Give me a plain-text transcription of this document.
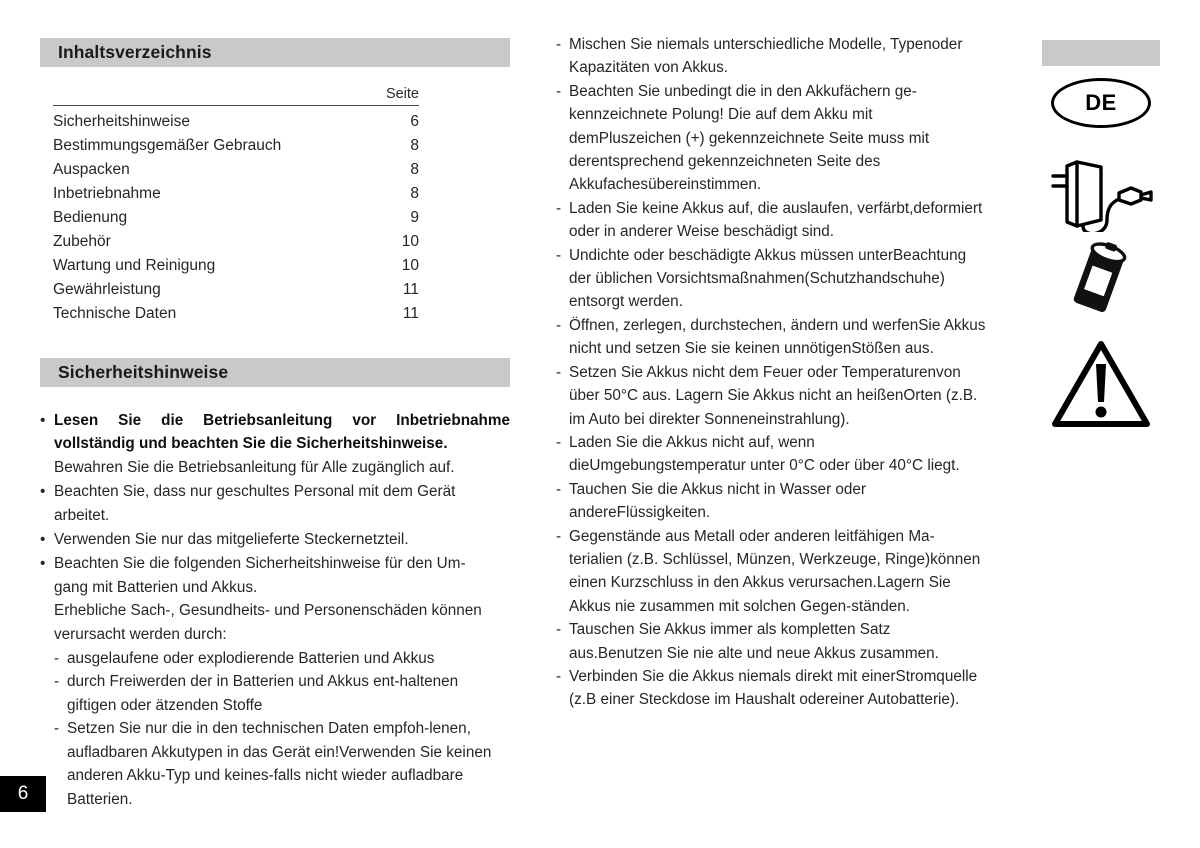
Inhaltsverzeichnis
Seite
Sicherheitshinweise	6
Bestimmungsgemäßer Gebrauch	8
Auspacken	8
Inbetriebnahme	8
Bedienung	9
Zubehör	10
Wartung und Reinigung	10
Gewährleistung	11
Technische Daten	11
Sicherheitshinweise
• Lesen Sie die Betriebsanleitung vor Inbetriebnahme
vollständig und beachten Sie die Sicherheitshinweise.
Bewahren Sie die Betriebsanleitung für Alle zugänglich auf.
• Beachten Sie, dass nur geschultes Personal mit dem Gerät
arbeitet.
• Verwenden Sie nur das mitgelieferte Steckernetzteil.
• Beachten Sie die folgenden Sicherheitshinweise für den Um-
gang mit Batterien und Akkus.
Erhebliche Sach-, Gesundheits- und Personenschäden können
verursacht werden durch:
- ausgelaufene oder explodierende Batterien und Akkus
- durch Freiwerden der in Batterien und Akkus ent-haltenen giftigen oder ätzenden Stoffe
- Setzen Sie nur die in den technischen Daten empfoh-lenen, aufladbaren Akkutypen in das Gerät ein!Verwenden Sie keinen anderen Akku-Typ und keines-falls nicht wieder aufladbare Batterien.
- Mischen Sie niemals unterschiedliche Modelle, Typenoder Kapazitäten von Akkus.
- Beachten Sie unbedingt die in den Akkufächern ge-kennzeichnete Polung! Die auf dem Akku mit demPluszeichen (+) gekennzeichnete Seite muss mit derentsprechend gekennzeichneten Seite des Akkufachesübereinstimmen.
- Laden Sie keine Akkus auf, die auslaufen, verfärbt,deformiert oder in anderer Weise beschädigt sind.
- Undichte oder beschädigte Akkus müssen unterBeachtung der üblichen Vorsichtsmaßnahmen(Schutzhandschuhe) entsorgt werden.
- Öffnen, zerlegen, durchstechen, ändern und werfenSie Akkus nicht und setzen Sie sie keinen unnötigenStößen aus.
- Setzen Sie Akkus nicht dem Feuer oder Temperaturenvon über 50°C aus. Lagern Sie Akkus nicht an heißenOrten (z.B. im Auto bei direkter Sonneneinstrahlung).
- Laden Sie die Akkus nicht auf, wenn dieUmgebungstemperatur unter 0°C oder über 40°C liegt.
- Tauchen Sie die Akkus nicht in Wasser oder andereFlüssigkeiten.
- Gegenstände aus Metall oder anderen leitfähigen Ma-terialien (z.B. Schlüssel, Münzen, Werkzeuge, Ringe)können einen Kurzschluss in den Akkus verursachen.Lagern Sie Akkus nie zusammen mit solchen Gegen-ständen.
- Tauschen Sie Akkus immer als kompletten Satz aus.Benutzen Sie nie alte und neue Akkus zusammen.
- Verbinden Sie die Akkus niemals direkt mit einerStromquelle (z.B einer Steckdose im Haushalt odereiner Autobatterie).
DE
6
